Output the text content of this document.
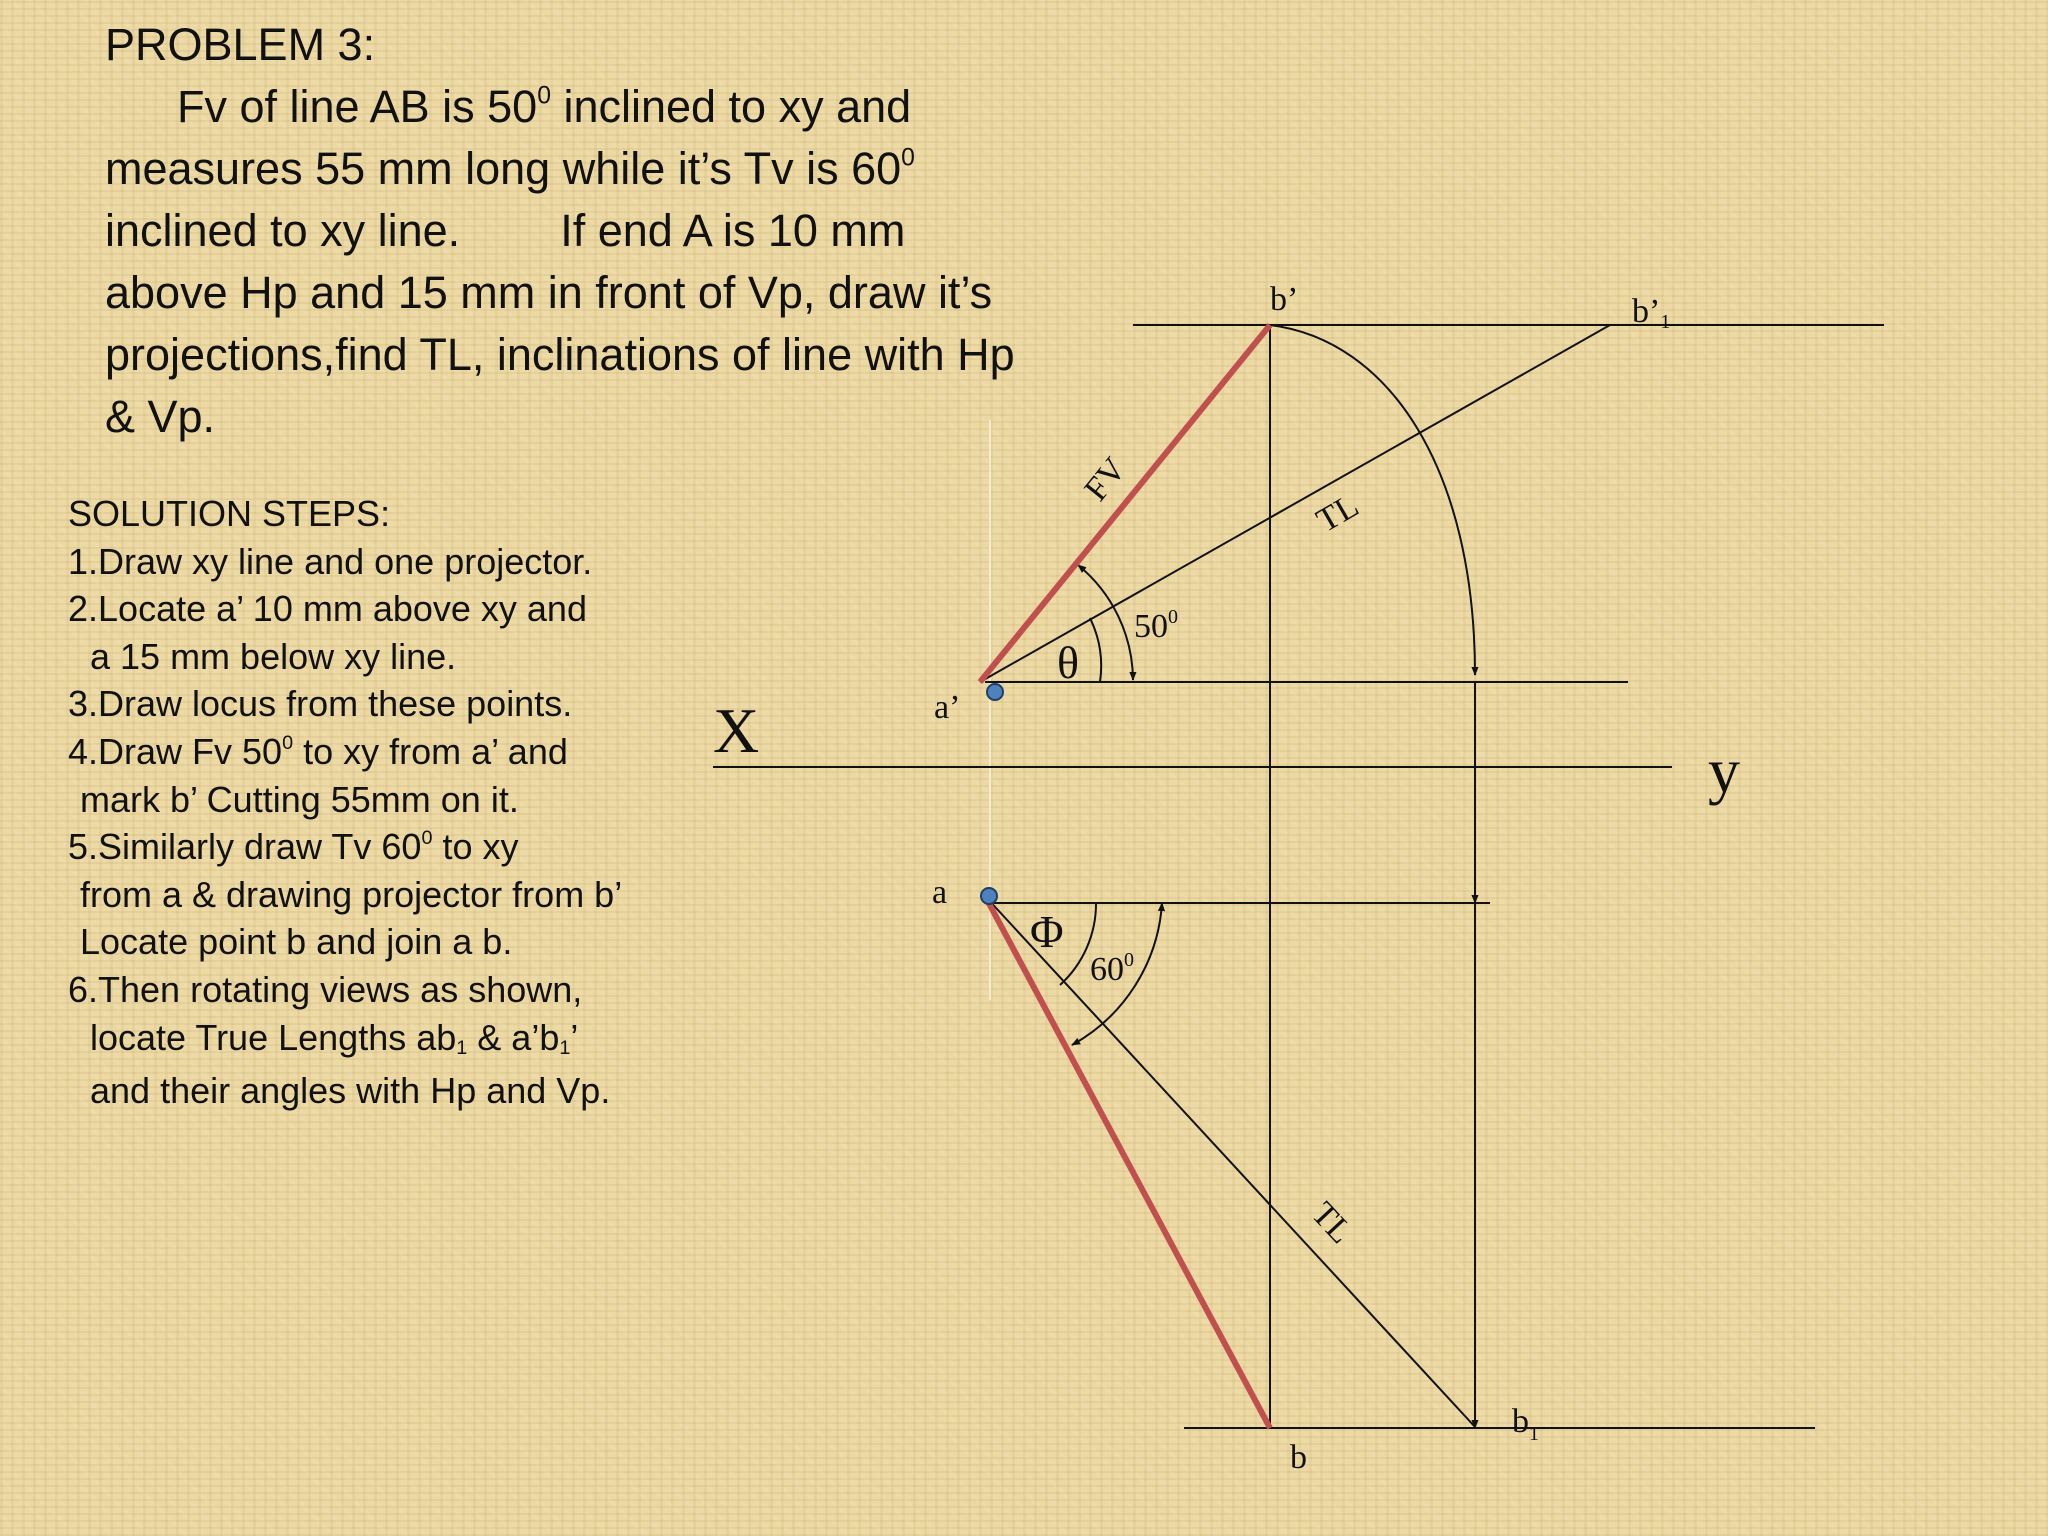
PROBLEM 3:
Fv of line AB is $50^0$ inclined to xy and
measures 55 mm long while it’s Tv is $60^0$
inclined to xy line. If end A is 10 mm
above Hp and 15 mm in front of Vp, draw it’s
projections,find TL, inclinations of line with Hp
& Vp.
SOLUTION STEPS:
1.Draw xy line and one projector.
2.Locate a’ 10 mm above xy and
a 15 mm below xy line.
3.Draw locus from these points.
4.Draw Fv $50^0$ to xy from a’ and
mark b’ Cutting 55mm on it.
5.Similarly draw Tv $60^0$ to xy
from a & drawing projector from b’
Locate point b and join a b.
6.Then rotating views as shown,
locate True Lengths $ab_1$ & $a’b_1$’
and their angles with Hp and Vp.
X
y
b’	b’1
a’
a
b
$b_1$
FV
TL
TL
θ
Φ
$50^0$
$60^0$
